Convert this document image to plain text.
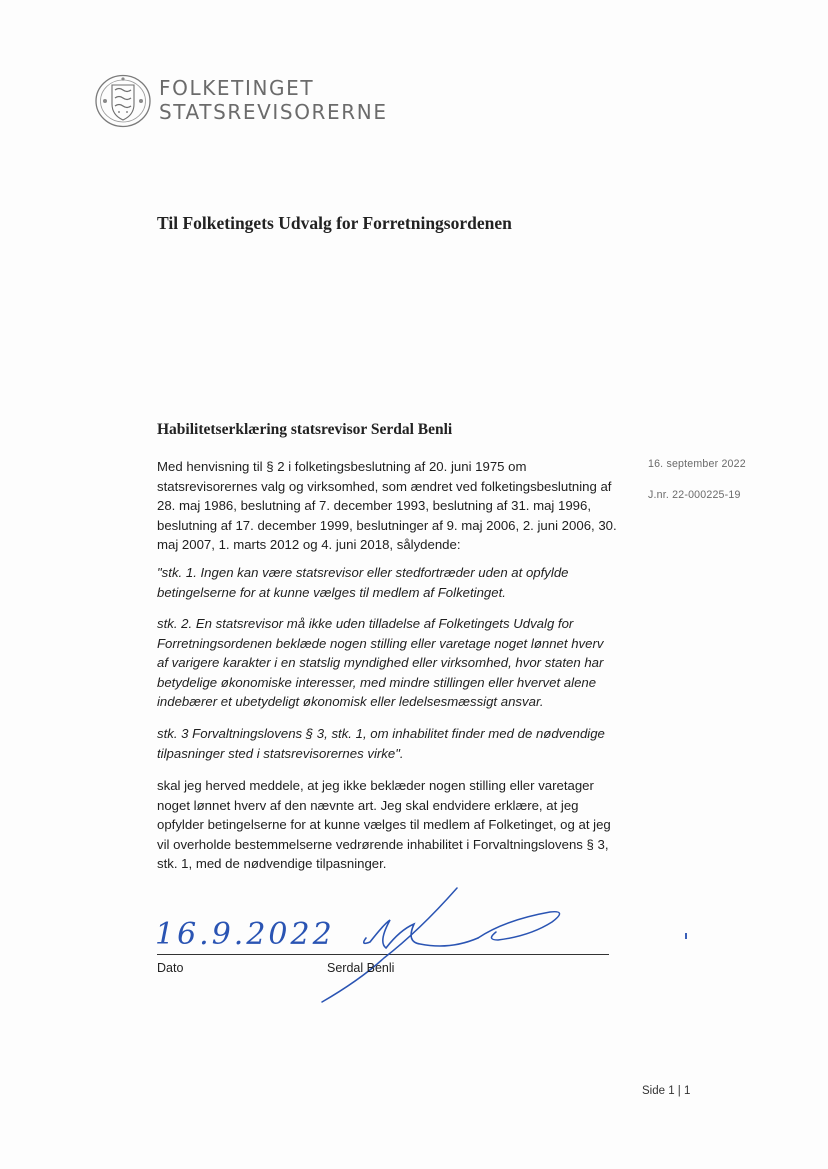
FOLKETINGET
STATSREVISORERNE
Til Folketingets Udvalg for Forretningsordenen
Habilitetserklæring statsrevisor Serdal Benli
16. september 2022
J.nr. 22-000225-19
Med henvisning til § 2 i folketingsbeslutning af 20. juni 1975 om statsrevisorernes valg og virksomhed, som ændret ved folketingsbeslutning af 28. maj 1986, beslutning af 7. december 1993, beslutning af 31. maj 1996, beslutning af 17. december 1999, beslutninger af 9. maj 2006, 2. juni 2006, 30. maj 2007, 1. marts 2012 og 4. juni 2018, sålydende:
"stk. 1. Ingen kan være statsrevisor eller stedfortræder uden at opfylde betingelserne for at kunne vælges til medlem af Folketinget.
stk. 2. En statsrevisor må ikke uden tilladelse af Folketingets Udvalg for Forretningsordenen beklæde nogen stilling eller varetage noget lønnet hverv af varigere karakter i en statslig myndighed eller virksomhed, hvor staten har betydelige økonomiske interesser, med mindre stillingen eller hvervet alene indebærer et ubetydeligt økonomisk eller ledelsesmæssigt ansvar.
stk. 3 Forvaltningslovens § 3, stk. 1, om inhabilitet finder med de nødvendige tilpasninger sted i statsrevisorernes virke".
skal jeg herved meddele, at jeg ikke beklæder nogen stilling eller varetager noget lønnet hverv af den nævnte art. Jeg skal endvidere erklære, at jeg opfylder betingelserne for at kunne vælges til medlem af Folketinget, og at jeg vil overholde bestemmelserne vedrørende inhabilitet i Forvaltningslovens § 3, stk. 1, med de nødvendige tilpasninger.
16.9.2022
Dato	Serdal Benli
Side 1 | 1
